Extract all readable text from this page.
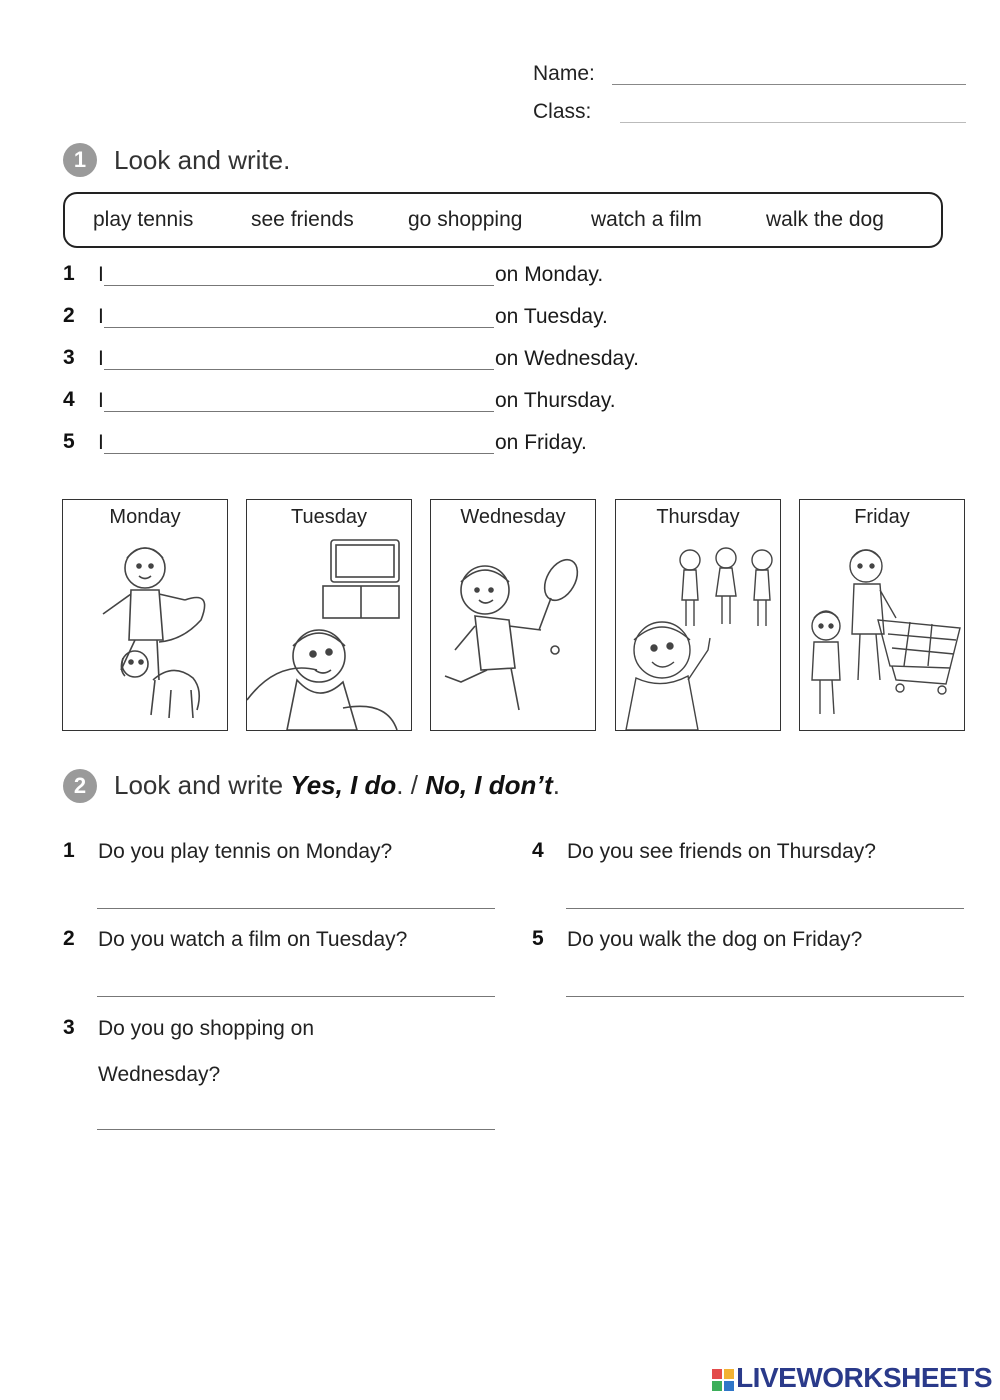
Name:
Class:
1	Look and write.
play tennis	see friends	go shopping	watch a film	walk the dog
1 I	on Monday.
2 I	on Tuesday.
3 I	on Wednesday.
4 I	on Thursday.
5 I	on Friday.
Monday	Tuesday	Wednesday	Thursday	Friday
2	Look and write Yes, I do. / No, I don’t.
1 Do you play tennis on Monday?
2 Do you watch a film on Tuesday?
3 Do you go shopping on
Wednesday?
4 Do you see friends on Thursday?
5 Do you walk the dog on Friday?
LIVEWORKSHEETS
